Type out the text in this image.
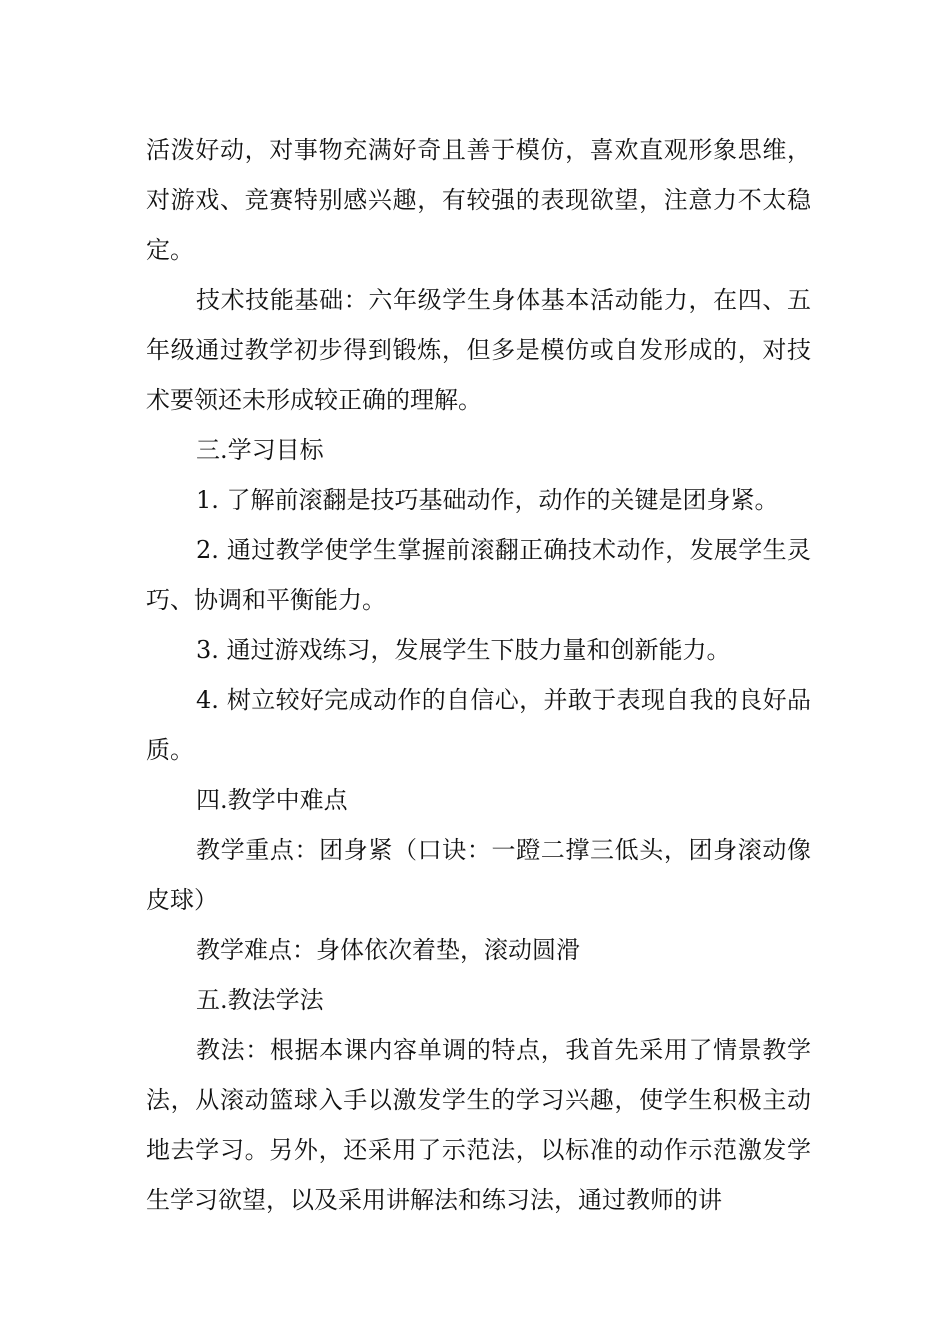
活泼好动，对事物充满好奇且善于模仿，喜欢直观形象思维，对游戏、竞赛特别感兴趣，有较强的表现欲望，注意力不太稳定。

技术技能基础：六年级学生身体基本活动能力，在四、五年级通过教学初步得到锻炼，但多是模仿或自发形成的，对技术要领还未形成较正确的理解。

三.学习目标

1. 了解前滚翻是技巧基础动作，动作的关键是团身紧。

2. 通过教学使学生掌握前滚翻正确技术动作，发展学生灵巧、协调和平衡能力。

3. 通过游戏练习，发展学生下肢力量和创新能力。

4. 树立较好完成动作的自信心，并敢于表现自我的良好品质。

四.教学中难点

教学重点：团身紧（口诀：一蹬二撑三低头，团身滚动像皮球）

教学难点：身体依次着垫，滚动圆滑

五.教法学法

教法：根据本课内容单调的特点，我首先采用了情景教学法，从滚动篮球入手以激发学生的学习兴趣，使学生积极主动地去学习。另外，还采用了示范法，以标准的动作示范激发学生学习欲望，以及采用讲解法和练习法，通过教师的讲
